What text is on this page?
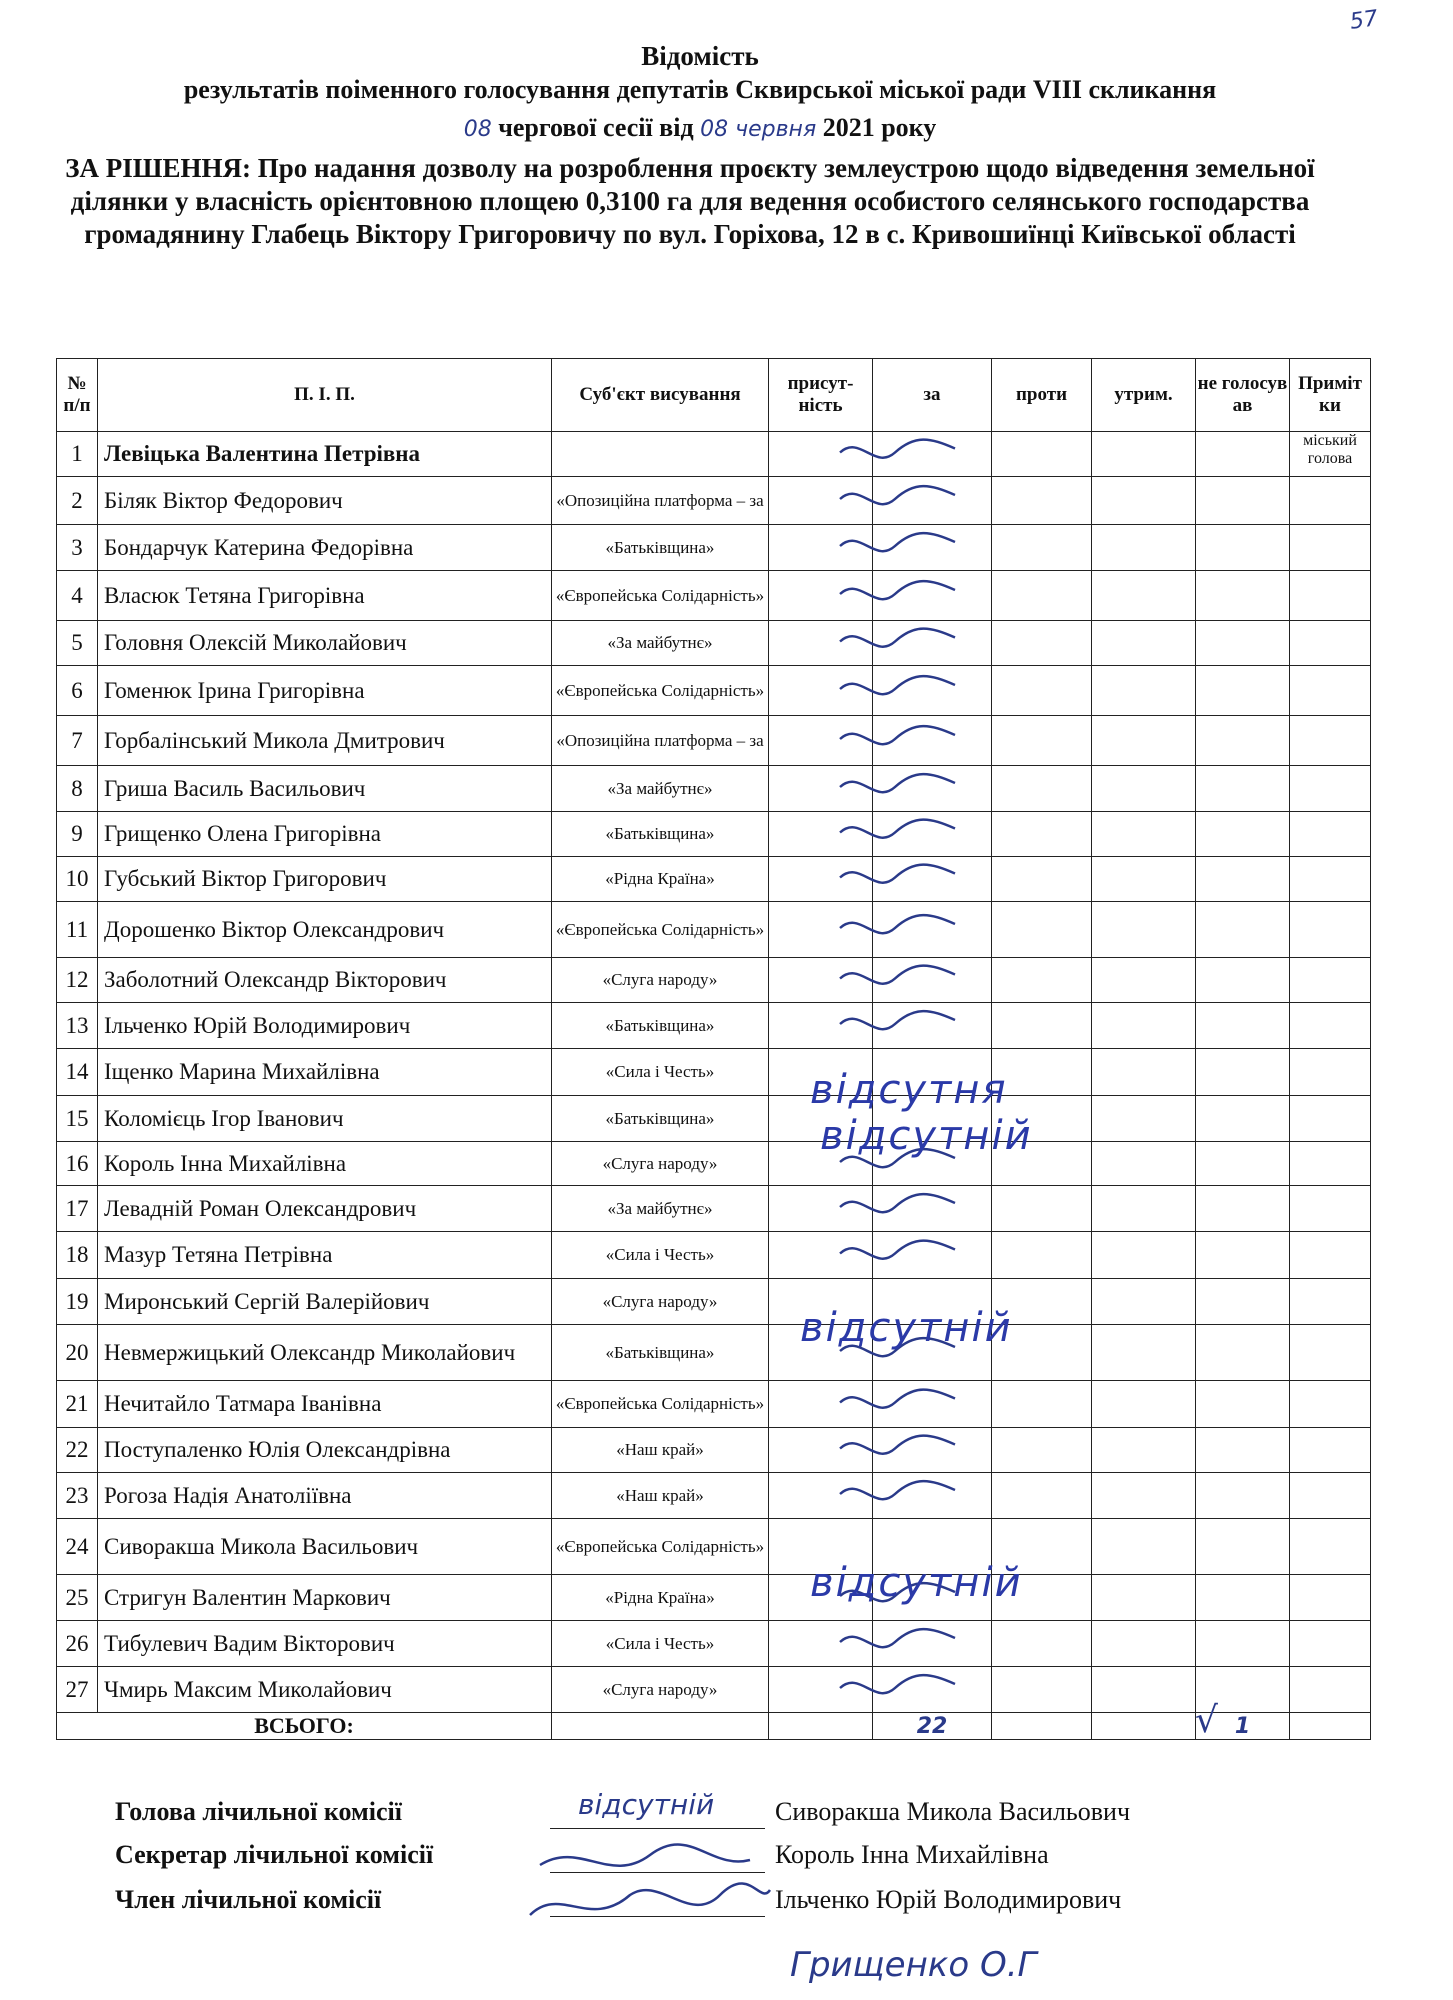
57
Відомість
результатів поіменного голосування депутатів Сквирської міської ради VIII скликання
08 чергової сесії від 08 червня 2021 року
ЗА РІШЕННЯ: Про надання дозволу на розроблення проєкту землеустрою щодо відведення земельної ділянки у власність орієнтовною площею 0,3100 га для ведення особистого селянського господарства громадянину Глабець Віктору Григоровичу по вул. Горіхова, 12 в с. Кривошиїнці Київської області
№ п/п	П. І. П.	Суб'єкт висування	присут-ність	за	проти	утрим.	не голосув ав	Приміт ки
1	Левіцька Валентина Петрівна							міський голова
2	Біляк Віктор Федорович	«Опозиційна платформа – за						
3	Бондарчук Катерина Федорівна	«Батьківщина»						
4	Власюк Тетяна Григорівна	«Європейська Солідарність»						
5	Головня Олексій Миколайович	«За майбутнє»						
6	Гоменюк Ірина Григорівна	«Європейська Солідарність»						
7	Горбалінський Микола Дмитрович	«Опозиційна платформа – за						
8	Гриша Василь Васильович	«За майбутнє»						
9	Грищенко Олена Григорівна	«Батьківщина»						
10	Губський Віктор Григорович	«Рідна Країна»						
11	Дорошенко Віктор Олександрович	«Європейська Солідарність»						
12	Заболотний Олександр Вікторович	«Слуга народу»						
13	Ільченко Юрій Володимирович	«Батьківщина»						
14	Іщенко Марина Михайлівна	«Сила і Честь»						
15	Коломієць Ігор Іванович	«Батьківщина»						
16	Король Інна Михайлівна	«Слуга народу»						
17	Левадній Роман Олександрович	«За майбутнє»						
18	Мазур Тетяна Петрівна	«Сила і Честь»						
19	Миронський Сергій Валерійович	«Слуга народу»						
20	Невмержицький Олександр Миколайович	«Батьківщина»						
21	Нечитайло Татмара Іванівна	«Європейська Солідарність»						
22	Поступаленко Юлія Олександрівна	«Наш край»						
23	Рогоза Надія Анатоліївна	«Наш край»						
24	Сиворакша Микола Васильович	«Європейська Солідарність»						
25	Стригун Валентин Маркович	«Рідна Країна»						
26	Тибулевич Вадим Вікторович	«Сила і Честь»						
27	Чмирь Максим Миколайович	«Слуга народу»						
ВСЬОГО:				22			1	
відсутня
відсутній
відсутній
відсутній
√
Голова лічильної комісії
Секретар лічильної комісії
Член лічильної комісії
відсутній Сиворакша Микола Васильович
Король Інна Михайлівна
Ільченко Юрій Володимирович
Грищенко О.Г
